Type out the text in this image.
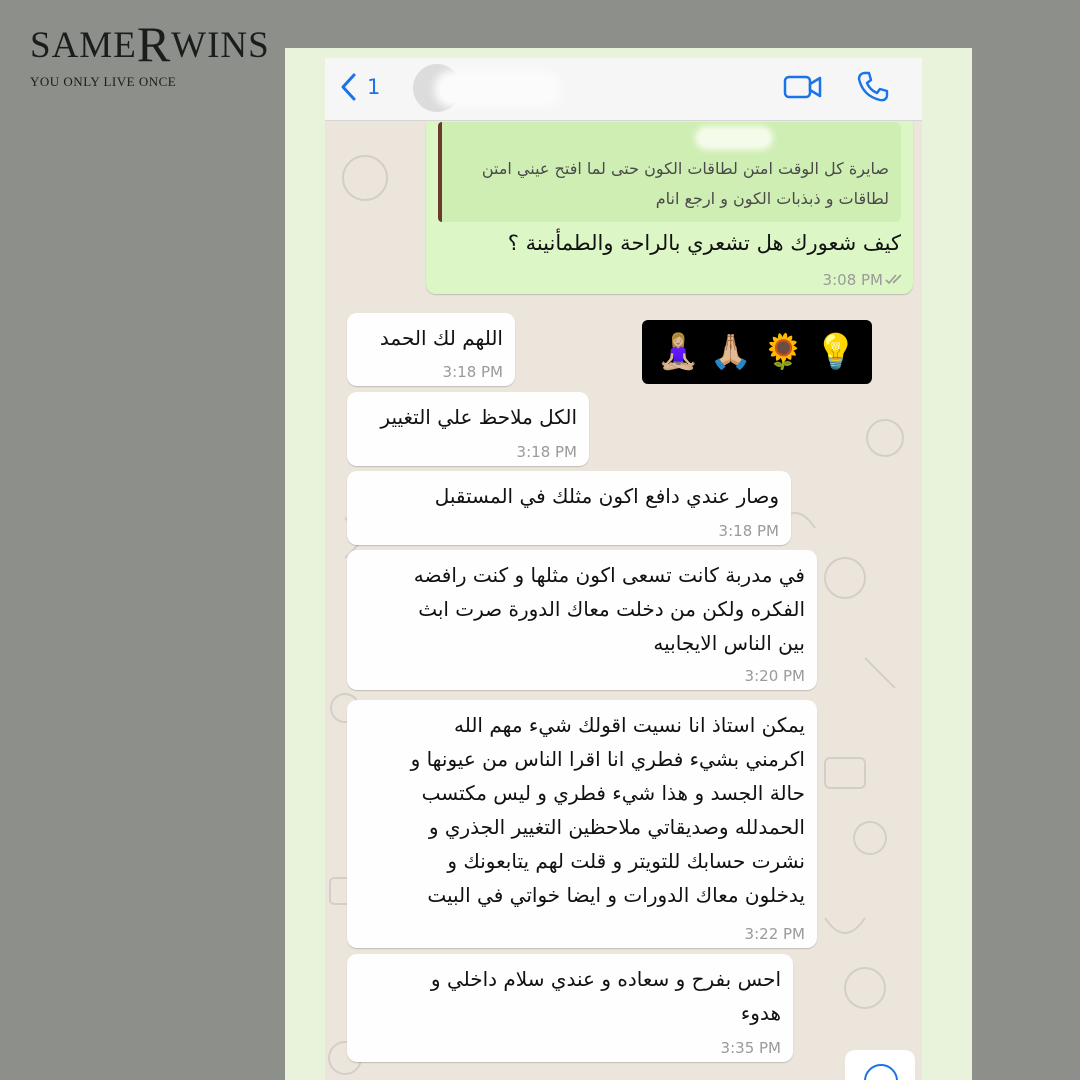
SAMERWINS
YOU ONLY LIVE ONCE	1
صايرة كل الوقت امتن لطاقات الكون حتى لما افتح عيني امتن لطاقات و ذبذبات الكون و ارجع انام
كيف شعورك هل تشعري بالراحة والطمأنينة ؟
3:08 PM
اللهم لك الحمد
3:18 PM
الكل ملاحظ علي التغيير
3:18 PM
وصار عندي دافع اكون مثلك في المستقبل
3:18 PM
في مدربة كانت تسعى اكون مثلها و كنت رافضه
الفكره ولكن من دخلت معاك الدورة صرت ابث
بين الناس الايجابيه
3:20 PM
يمكن استاذ انا نسيت اقولك شيء مهم الله
اكرمني بشيء فطري انا اقرا الناس من عيونها و
حالة الجسد و هذا شيء فطري و ليس مكتسب
الحمدلله وصديقاتي ملاحظين التغيير الجذري و
نشرت حسابك للتويتر و قلت لهم يتابعونك و
يدخلون معاك الدورات و ايضا خواتي في البيت
3:22 PM
احس بفرح و سعاده و عندي سلام داخلي و
هدوء
3:35 PM
🧘🏼‍♀️ 🙏🏼 🌻 💡
